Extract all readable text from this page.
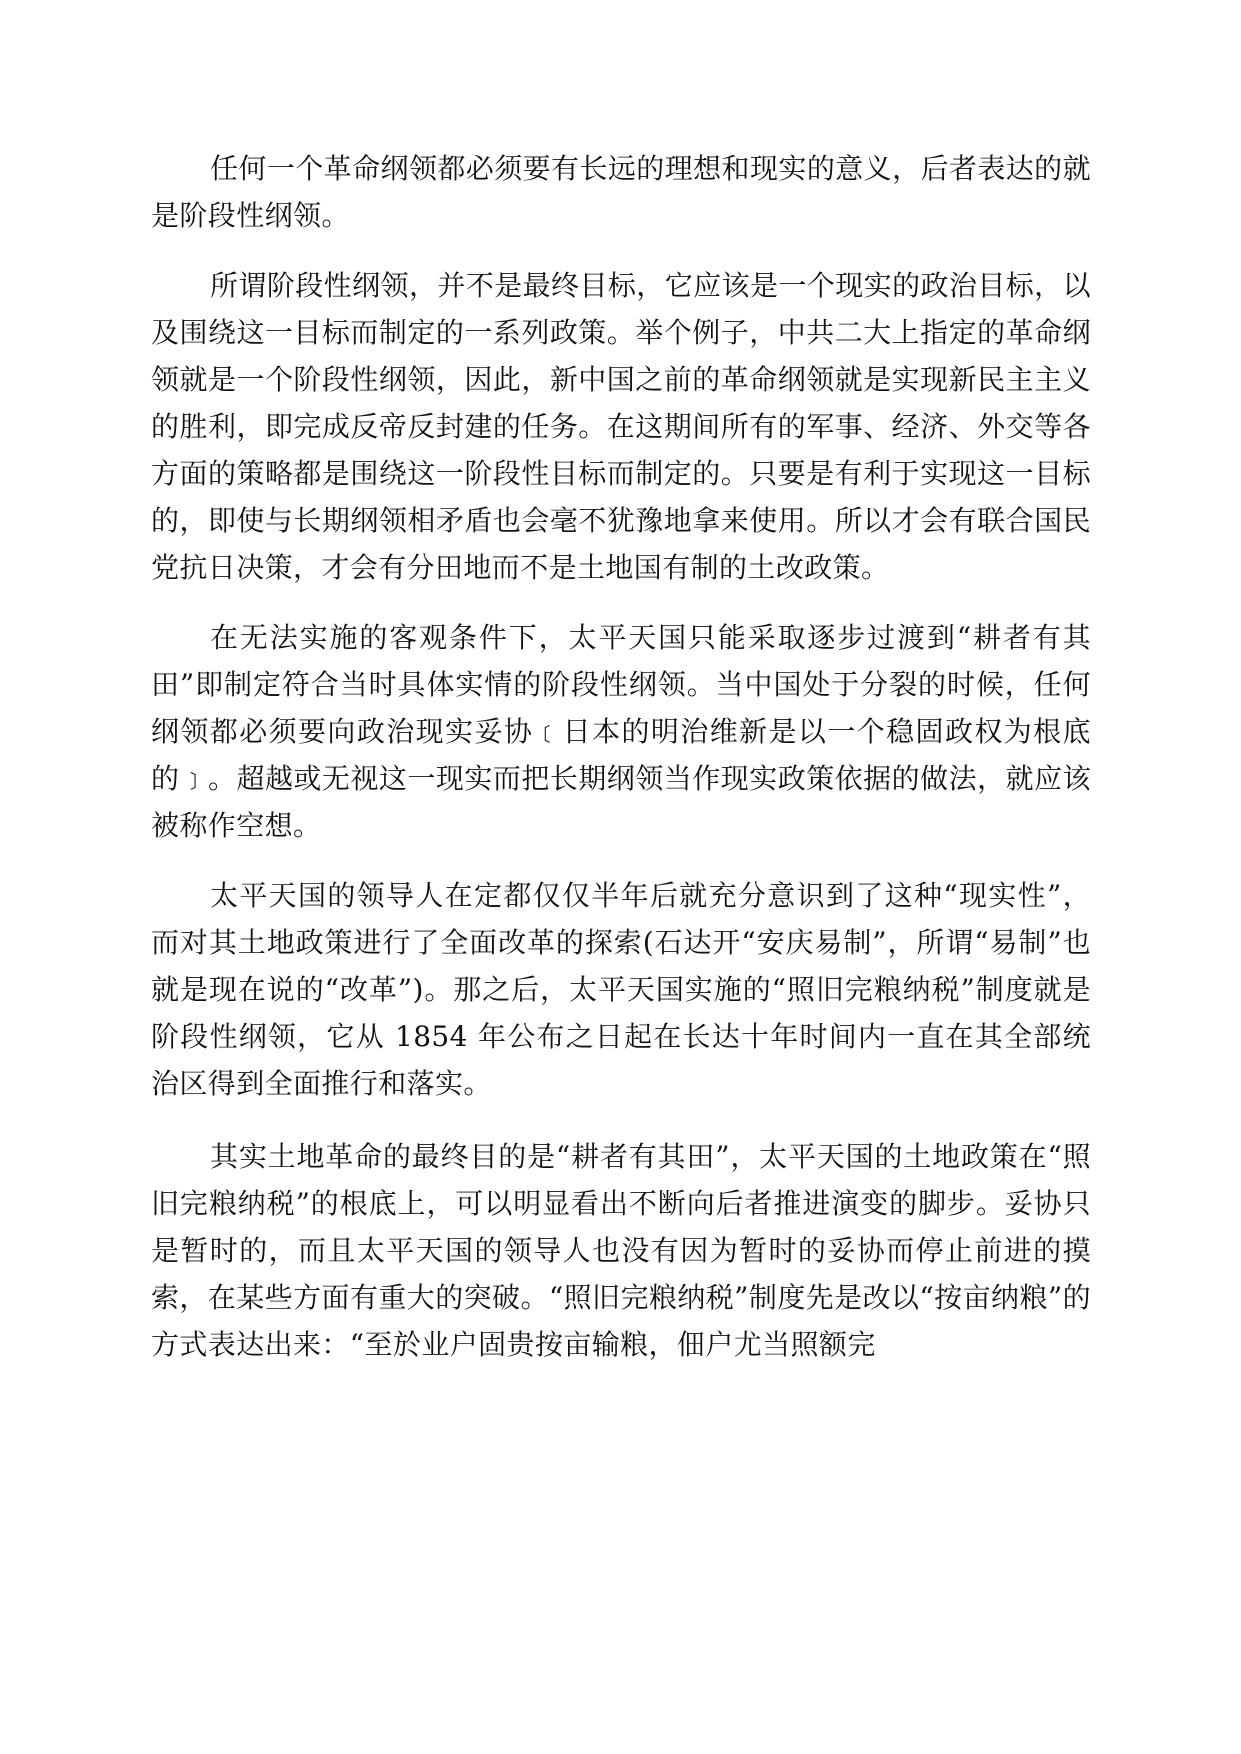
任何一个革命纲领都必须要有长远的理想和现实的意义，后者表达的就是阶段性纲领。

所谓阶段性纲领，并不是最终目标，它应该是一个现实的政治目标，以及围绕这一目标而制定的一系列政策。举个例子，中共二大上指定的革命纲领就是一个阶段性纲领，因此，新中国之前的革命纲领就是实现新民主主义的胜利，即完成反帝反封建的任务。在这期间所有的军事、经济、外交等各方面的策略都是围绕这一阶段性目标而制定的。只要是有利于实现这一目标的，即使与长期纲领相矛盾也会毫不犹豫地拿来使用。所以才会有联合国民党抗日决策，才会有分田地而不是土地国有制的土改政策。

在无法实施的客观条件下，太平天国只能采取逐步过渡到“耕者有其田”即制定符合当时具体实情的阶段性纲领。当中国处于分裂的时候，任何纲领都必须要向政治现实妥协﹝日本的明治维新是以一个稳固政权为根底的﹞。超越或无视这一现实而把长期纲领当作现实政策依据的做法，就应该被称作空想。

太平天国的领导人在定都仅仅半年后就充分意识到了这种“现实性”，而对其土地政策进行了全面改革的探索(石达开“安庆易制”，所谓“易制”也就是现在说的“改革”)。那之后，太平天国实施的“照旧完粮纳税”制度就是阶段性纲领，它从 1854 年公布之日起在长达十年时间内一直在其全部统治区得到全面推行和落实。

其实土地革命的最终目的是“耕者有其田”，太平天国的土地政策在“照旧完粮纳税”的根底上，可以明显看出不断向后者推进演变的脚步。妥协只是暂时的，而且太平天国的领导人也没有因为暂时的妥协而停止前进的摸索，在某些方面有重大的突破。“照旧完粮纳税”制度先是改以“按亩纳粮”的方式表达出来：“至於业户固贵按亩输粮，佃户尤当照额完
